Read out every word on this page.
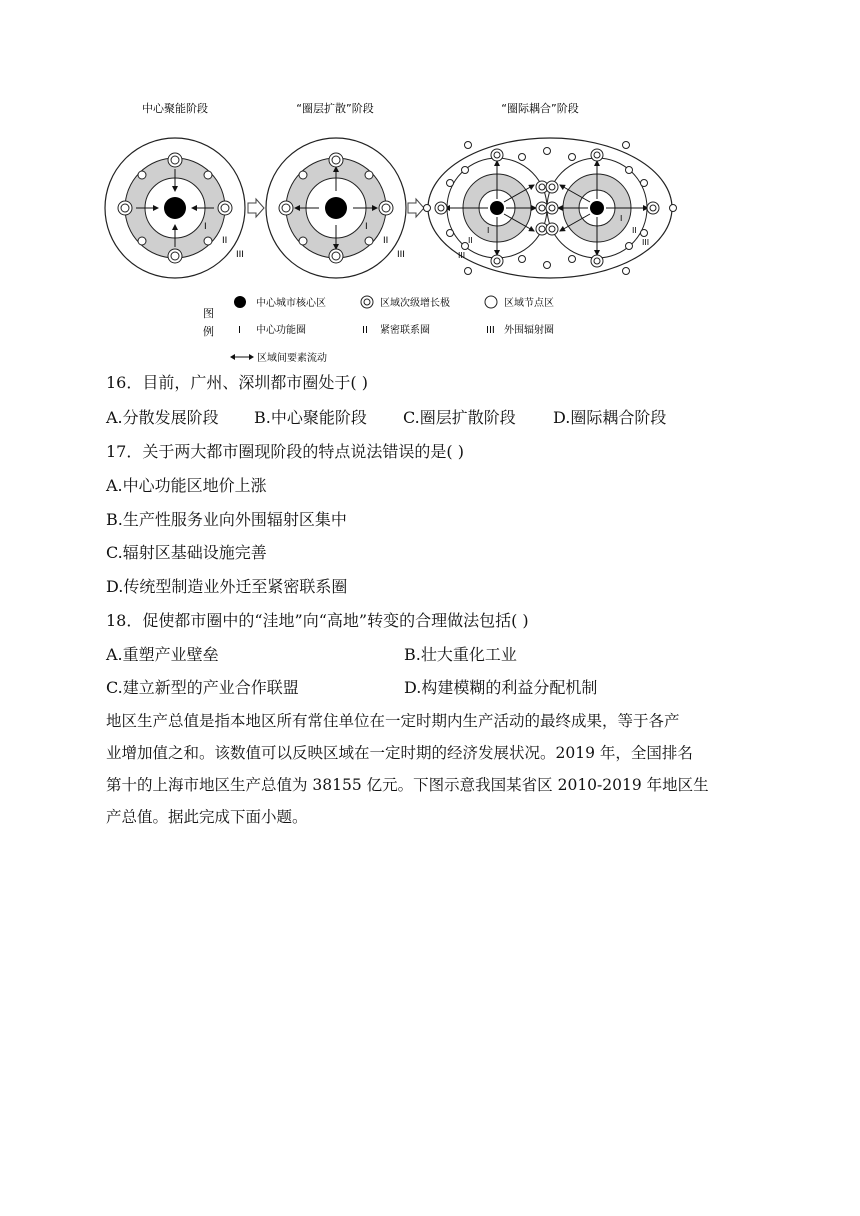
中心聚能阶段	“圈层扩散”阶段	“圈际耦合”阶段
I
II
III
I
II
III
I
II
III
I
II
III
图
例
中心城市核心区	区域次级增长极	区域节点区
I 中心功能圈	II 紧密联系圈	III 外围辐射圈
区域间要素流动
16．目前，广州、深圳都市圈处于( )
A.分散发展阶段 B.中心聚能阶段 C.圈层扩散阶段 D.圈际耦合阶段
17．关于两大都市圈现阶段的特点说法错误的是( )
A.中心功能区地价上涨
B.生产性服务业向外围辐射区集中
C.辐射区基础设施完善
D.传统型制造业外迁至紧密联系圈
18．促使都市圈中的“洼地”向“高地”转变的合理做法包括( )
A.重塑产业壁垒	B.壮大重化工业
C.建立新型的产业合作联盟	D.构建模糊的利益分配机制
地区生产总值是指本地区所有常住单位在一定时期内生产活动的最终成果，等于各产
业增加值之和。该数值可以反映区域在一定时期的经济发展状况。2019 年，全国排名
第十的上海市地区生产总值为 38155 亿元。下图示意我国某省区 2010-2019 年地区生
产总值。据此完成下面小题。
